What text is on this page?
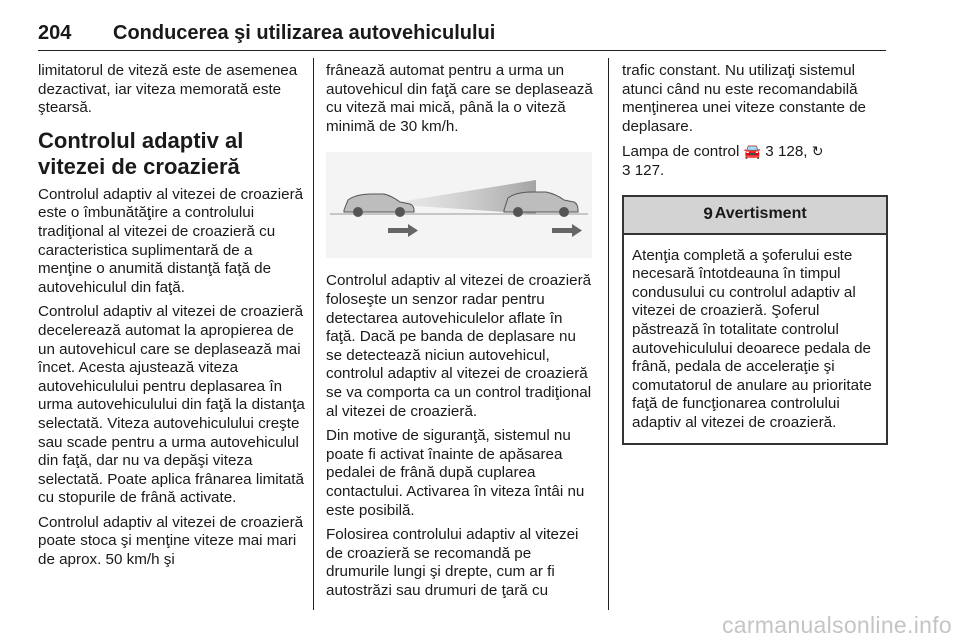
204 Conducerea şi utilizarea autovehiculului

limitatorul de viteză este de asemenea dezactivat, iar viteza memorată este ştearsă.

Controlul adaptiv al vitezei de croazieră

Controlul adaptiv al vitezei de croazieră este o îmbunătăţire a controlului tradiţional al vitezei de croazieră cu caracteristica suplimentară de a menţine o anumită distanţă faţă de autovehiculul din faţă.

Controlul adaptiv al vitezei de croazieră decelerează automat la apropierea de un autovehicul care se deplasează mai încet. Acesta ajustează viteza autovehiculului pentru deplasarea în urma autovehiculului din faţă la distanţa selectată. Viteza autovehiculului creşte sau scade pentru a urma autovehiculul din faţă, dar nu va depăşi viteza selectată. Poate aplica frânarea limitată cu stopurile de frână activate.

Controlul adaptiv al vitezei de croazieră poate stoca şi menţine viteze mai mari de aprox. 50 km/h şi

frânează automat pentru a urma un autovehicul din faţă care se deplasează cu viteză mai mică, până la o viteză minimă de 30 km/h.

Controlul adaptiv al vitezei de croazieră foloseşte un senzor radar pentru detectarea autovehiculelor aflate în faţă. Dacă pe banda de deplasare nu se detectează niciun autovehicul, controlul adaptiv al vitezei de croazieră se va comporta ca un control tradiţional al vitezei de croazieră.

Din motive de siguranţă, sistemul nu poate fi activat înainte de apăsarea pedalei de frână după cuplarea contactului. Activarea în viteza întâi nu este posibilă.

Folosirea controlului adaptiv al vitezei de croazieră se recomandă pe drumurile lungi şi drepte, cum ar fi autostrăzi sau drumuri de ţară cu

trafic constant. Nu utilizaţi sistemul atunci când nu este recomandabilă menţinerea unei viteze constante de deplasare.

Lampa de control 🚘 3 128, ↻
3 127.

9 Avertisment
Atenţia completă a şoferului este necesară întotdeauna în timpul condusului cu controlul adaptiv al vitezei de croazieră. Şoferul păstrează în totalitate controlul autovehiculului deoarece pedala de frână, pedala de acceleraţie şi comutatorul de anulare au prioritate faţă de funcţionarea controlului adaptiv al vitezei de croazieră.
carmanualsonline.info
